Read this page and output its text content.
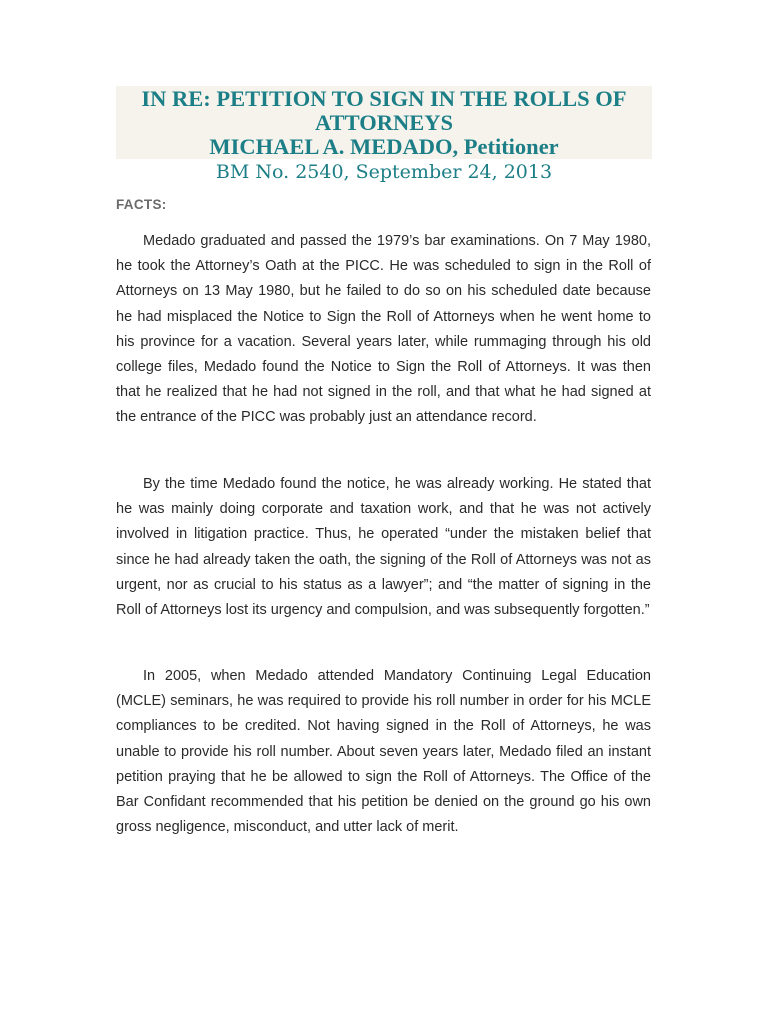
IN RE: PETITION TO SIGN IN THE ROLLS OF
ATTORNEYS
MICHAEL A. MEDADO, Petitioner
BM No. 2540, September 24, 2013
FACTS:

Medado graduated and passed the 1979’s bar examinations. On 7 May 1980, he took the Attorney’s Oath at the PICC. He was scheduled to sign in the Roll of Attorneys on 13 May 1980, but he failed to do so on his scheduled date because he had misplaced the Notice to Sign the Roll of Attorneys when he went home to his province for a vacation. Several years later, while rummaging through his old college files, Medado found the Notice to Sign the Roll of Attorneys. It was then that he realized that he had not signed in the roll, and that what he had signed at the entrance of the PICC was probably just an attendance record.

By the time Medado found the notice, he was already working. He stated that he was mainly doing corporate and taxation work, and that he was not actively involved in litigation practice. Thus, he operated “under the mistaken belief that since he had already taken the oath, the signing of the Roll of Attorneys was not as urgent, nor as crucial to his status as a lawyer”; and “the matter of signing in the Roll of Attorneys lost its urgency and compulsion, and was subsequently forgotten.”

In 2005, when Medado attended Mandatory Continuing Legal Education (MCLE) seminars, he was required to provide his roll number in order for his MCLE compliances to be credited. Not having signed in the Roll of Attorneys, he was unable to provide his roll number. About seven years later, Medado filed an instant petition praying that he be allowed to sign the Roll of Attorneys. The Office of the Bar Confidant recommended that his petition be denied on the ground go his own gross negligence, misconduct, and utter lack of merit.
